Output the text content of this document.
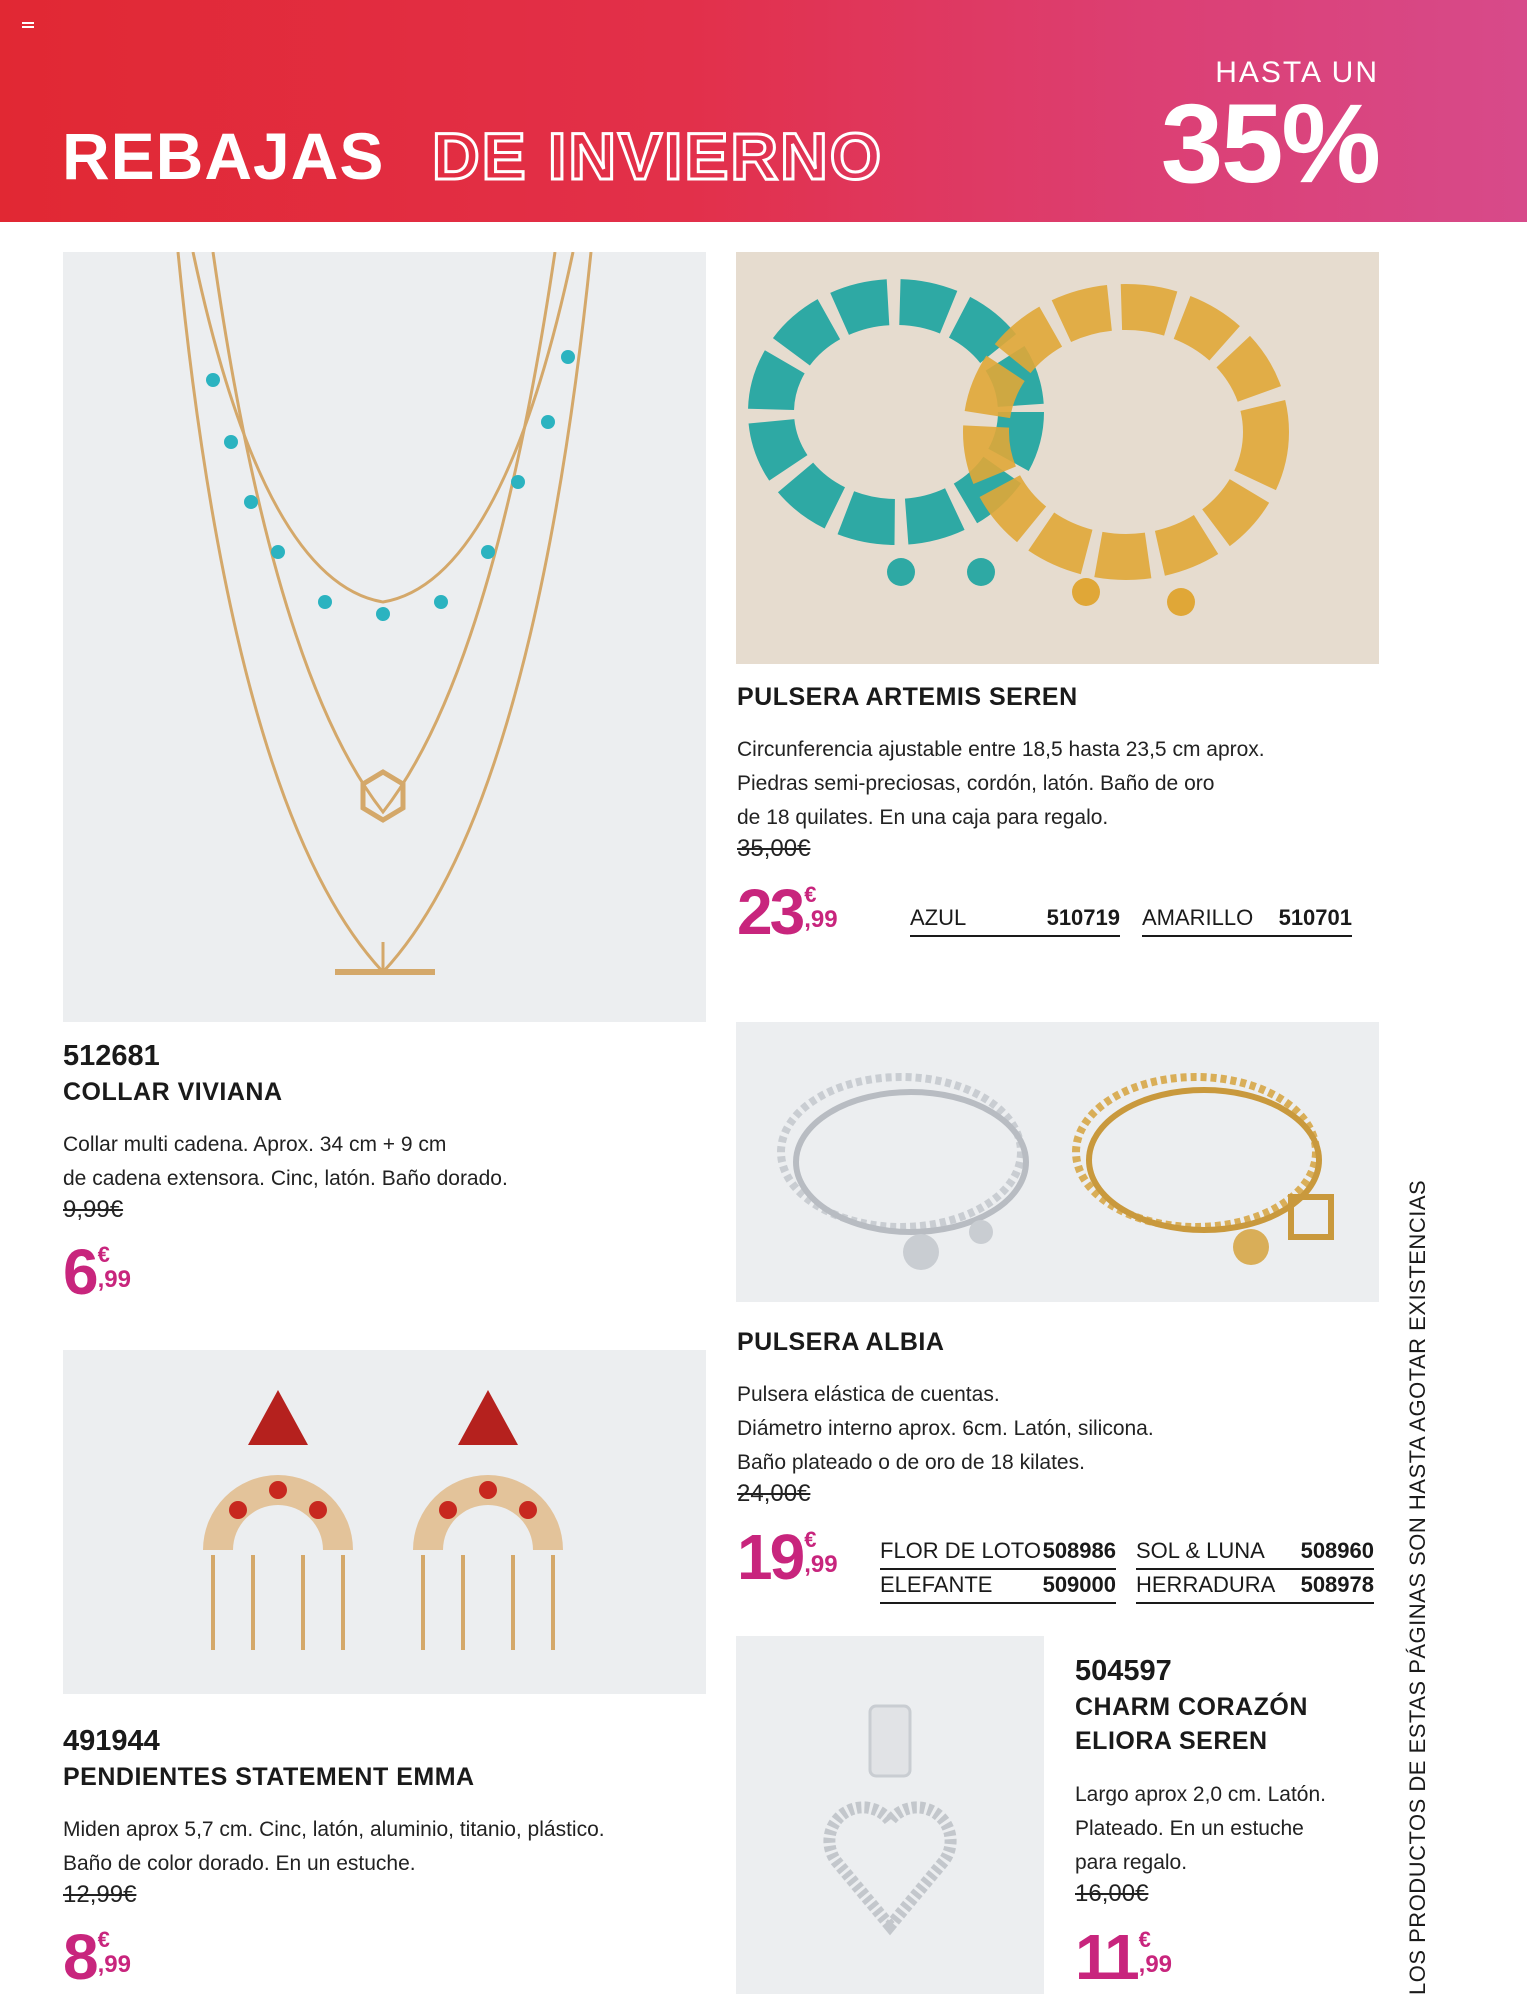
REBAJAS DE INVIERNO
HASTA UN
35%
512681
COLLAR VIVIANA
Collar multi cadena. Aprox. 34 cm + 9 cm
de cadena extensora. Cinc, latón. Baño dorado.
9,99€
6 €
,99
PULSERA ARTEMIS SEREN
Circunferencia ajustable entre 18,5 hasta 23,5 cm aprox.
Piedras semi-preciosas, cordón, latón. Baño de oro
de 18 quilates. En una caja para regalo.
35,00€
23 €
,99	AZUL	510719 AMARILLO 510701
PULSERA ALBIA
Pulsera elástica de cuentas.
Diámetro interno aprox. 6cm. Latón, silicona.
Baño plateado o de oro de 18 kilates.
24,00€
19 €
,99
FLOR DE LOTO 508986 SOL & LUNA 508960
ELEFANTE 509000 HERRADURA 508978
491944
PENDIENTES STATEMENT EMMA
Miden aprox 5,7 cm. Cinc, latón, aluminio, titanio, plástico.
Baño de color dorado. En un estuche.
12,99€
8 €
,99
504597
CHARM CORAZÓN
ELIORA SEREN
Largo aprox 2,0 cm. Latón.
Plateado. En un estuche
para regalo.
16,00€
11 €
,99	LOS PRODUCTOS DE ESTAS PÁGINAS SON HASTA AGOTAR EXISTENCIAS
